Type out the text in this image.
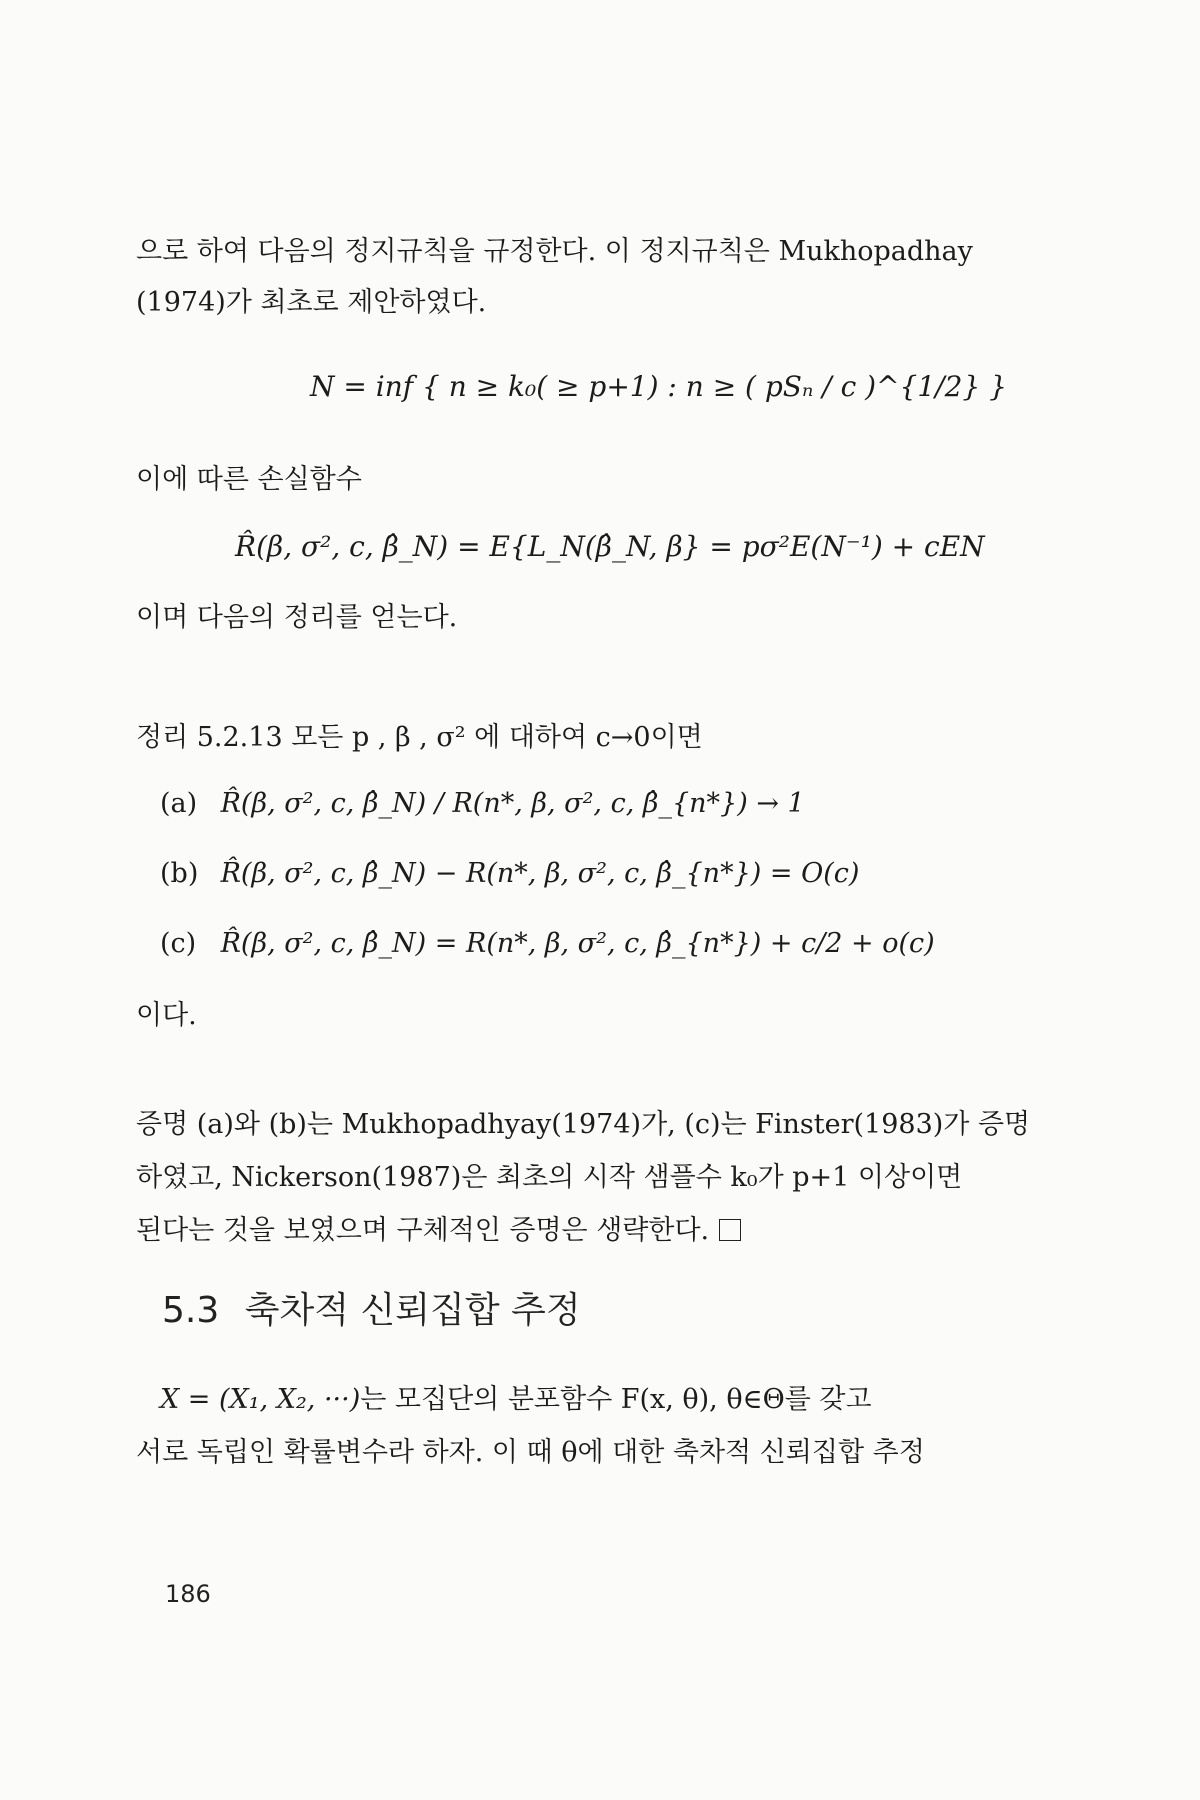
으로 하여 다음의 정지규칙을 규정한다. 이 정지규칙은 Mukhopadhay
(1974)가 최초로 제안하였다.
N = inf { n ≥ k₀( ≥ p+1) : n ≥ ( pSₙ / c )^{1/2} }
이에 따른 손실함수
R̂(β, σ², c, β̂_N) = E{L_N(β̂_N, β} = pσ²E(N⁻¹) + cEN
이며 다음의 정리를 얻는다.
정리 5.2.13 모든 p , β , σ² 에 대하여 c→0이면
(a) R̂(β, σ², c, β̂_N) / R(n*, β, σ², c, β̂_{n*}) → 1
(b) R̂(β, σ², c, β̂_N) − R(n*, β, σ², c, β̂_{n*}) = O(c)
(c) R̂(β, σ², c, β̂_N) = R(n*, β, σ², c, β̂_{n*}) + c/2 + o(c)
이다.
증명 (a)와 (b)는 Mukhopadhyay(1974)가, (c)는 Finster(1983)가 증명
하였고, Nickerson(1987)은 최초의 시작 샘플수 k₀가 p+1 이상이면
된다는 것을 보였으며 구체적인 증명은 생략한다.
5.3 축차적 신뢰집합 추정
X = (X₁, X₂, ···)는 모집단의 분포함수 F(x, θ), θ∈Θ를 갖고
서로 독립인 확률변수라 하자. 이 때 θ에 대한 축차적 신뢰집합 추정
186
